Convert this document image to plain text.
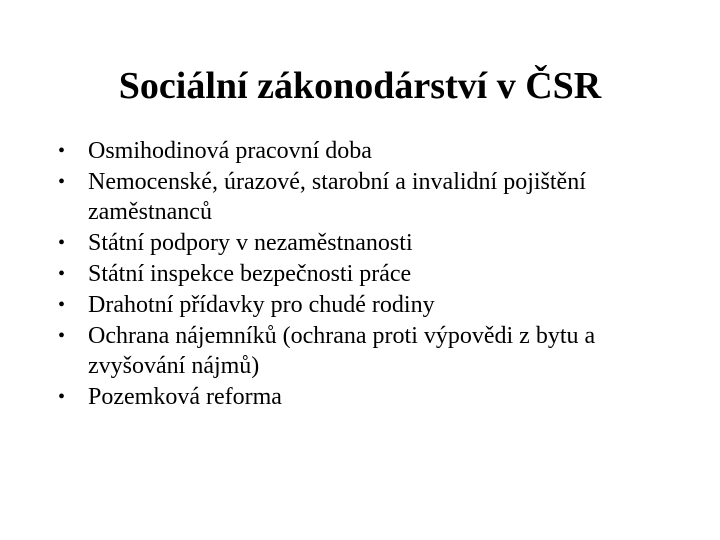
Sociální zákonodárství v ČSR
• Osmihodinová pracovní doba
• Nemocenské, úrazové, starobní a invalidní pojištění zaměstnanců
• Státní podpory v nezaměstnanosti
• Státní inspekce bezpečnosti práce
• Drahotní přídavky pro chudé rodiny
• Ochrana nájemníků (ochrana proti výpovědi z bytu a zvyšování nájmů)
• Pozemková reforma
